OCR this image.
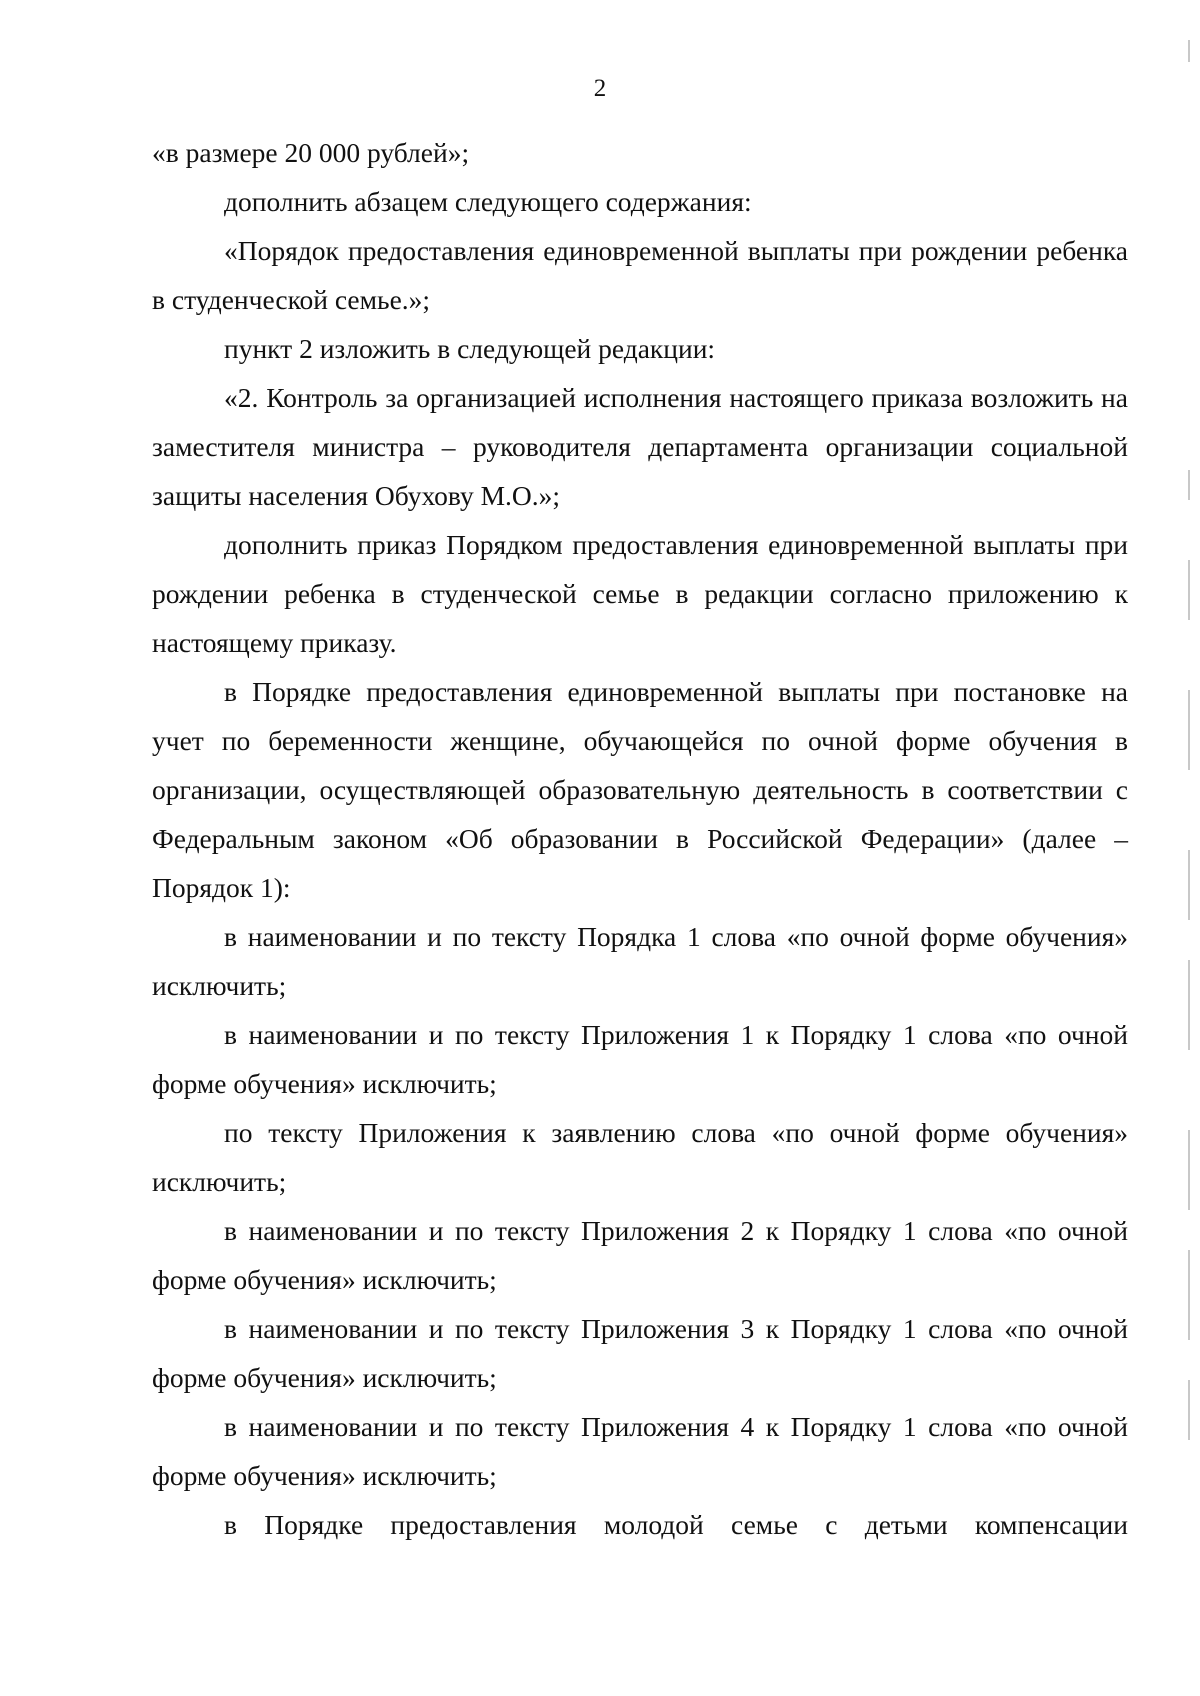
2

«в размере 20 000 рублей»;

дополнить абзацем следующего содержания:

«Порядок предоставления единовременной выплаты при рождении ребенка в студенческой семье.»;

пункт 2 изложить в следующей редакции:

«2. Контроль за организацией исполнения настоящего приказа возложить на заместителя министра – руководителя департамента организации социальной защиты населения Обухову М.О.»;

дополнить приказ Порядком предоставления единовременной выплаты при рождении ребенка в студенческой семье в редакции согласно приложению к настоящему приказу.

в Порядке предоставления единовременной выплаты при постановке на учет по беременности женщине, обучающейся по очной форме обучения в организации, осуществляющей образовательную деятельность в соответствии с Федеральным законом «Об образовании в Российской Федерации» (далее – Порядок 1):

в наименовании и по тексту Порядка 1 слова «по очной форме обучения» исключить;

в наименовании и по тексту Приложения 1 к Порядку 1 слова «по очной форме обучения» исключить;

по тексту Приложения к заявлению слова «по очной форме обучения» исключить;

в наименовании и по тексту Приложения 2 к Порядку 1 слова «по очной форме обучения» исключить;

в наименовании и по тексту Приложения 3 к Порядку 1 слова «по очной форме обучения» исключить;

в наименовании и по тексту Приложения 4 к Порядку 1 слова «по очной форме обучения» исключить;

в Порядке предоставления молодой семье с детьми компенсации
